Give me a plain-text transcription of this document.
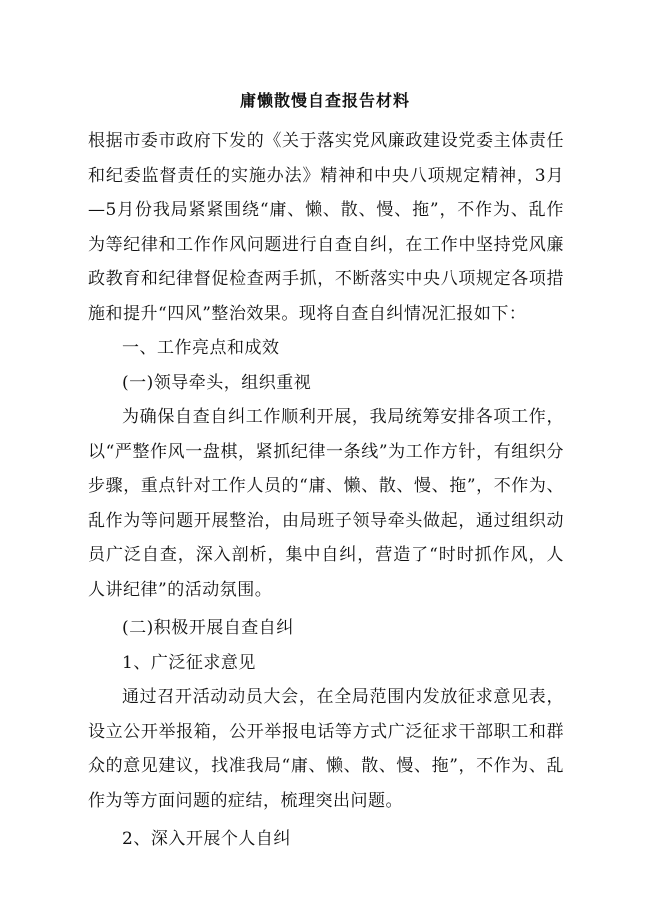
庸懒散慢自查报告材料

根据市委市政府下发的《关于落实党风廉政建设党委主体责任和纪委监督责任的实施办法》精神和中央八项规定精神，3月—5月份我局紧紧围绕“庸、懒、散、慢、拖”，不作为、乱作为等纪律和工作作风问题进行自查自纠，在工作中坚持党风廉政教育和纪律督促检查两手抓，不断落实中央八项规定各项措施和提升“四风”整治效果。现将自查自纠情况汇报如下：

一、工作亮点和成效

(一)领导牵头，组织重视

为确保自查自纠工作顺利开展，我局统筹安排各项工作，以“严整作风一盘棋，紧抓纪律一条线”为工作方针，有组织分步骤，重点针对工作人员的“庸、懒、散、慢、拖”，不作为、乱作为等问题开展整治，由局班子领导牵头做起，通过组织动员广泛自查，深入剖析，集中自纠，营造了“时时抓作风，人人讲纪律”的活动氛围。

(二)积极开展自查自纠

1、广泛征求意见

通过召开活动动员大会，在全局范围内发放征求意见表，设立公开举报箱，公开举报电话等方式广泛征求干部职工和群众的意见建议，找准我局“庸、懒、散、慢、拖”，不作为、乱作为等方面问题的症结，梳理突出问题。

2、深入开展个人自纠
